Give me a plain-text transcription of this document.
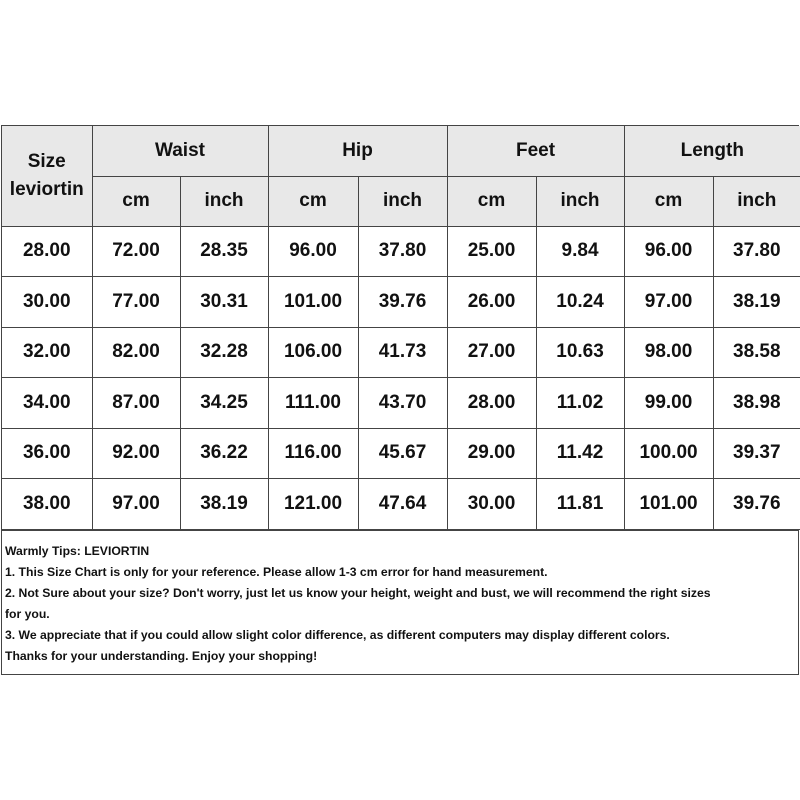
Size
leviortin	Waist		Hip		Feet		Length	
	cm	inch	cm	inch	cm	inch	cm	inch
28.00	72.00	28.35	96.00	37.80	25.00	9.84	96.00	37.80
30.00	77.00	30.31	101.00	39.76	26.00	10.24	97.00	38.19
32.00	82.00	32.28	106.00	41.73	27.00	10.63	98.00	38.58
34.00	87.00	34.25	111.00	43.70	28.00	11.02	99.00	38.98
36.00	92.00	36.22	116.00	45.67	29.00	11.42	100.00	39.37
38.00	97.00	38.19	121.00	47.64	30.00	11.81	101.00	39.76
Warmly Tips: LEVIORTIN
1. This Size Chart is only for your reference. Please allow 1-3 cm error for hand measurement.
2. Not Sure about your size? Don't worry, just let us know your height, weight and bust, we will recommend the right sizes
for you.
3. We appreciate that if you could allow slight color difference, as different computers may display different colors.
Thanks for your understanding. Enjoy your shopping!
